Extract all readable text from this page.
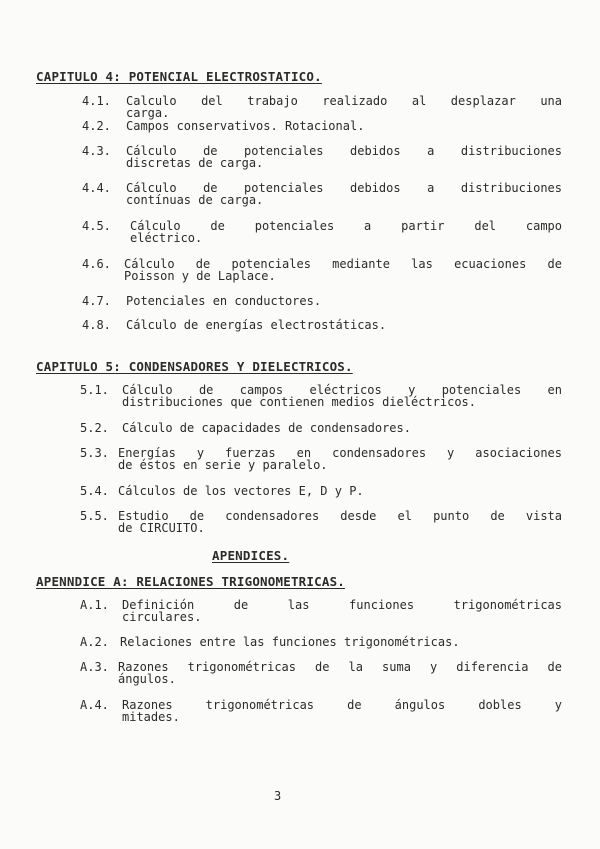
CAPITULO 4: POTENCIAL ELECTROSTATICO.
4.1. Calculo del trabajo realizado al desplazar una
carga.
4.2. Campos conservativos. Rotacional.
4.3. Cálculo de potenciales debidos a distribuciones
discretas de carga.
4.4. Cálculo de potenciales debidos a distribuciones
contínuas de carga.
4.5. Cálculo de potenciales a partir del campo
eléctrico.
4.6. Cálculo de potenciales mediante las ecuaciones de
Poisson y de Laplace.
4.7. Potenciales en conductores.
4.8. Cálculo de energías electrostáticas.
CAPITULO 5: CONDENSADORES Y DIELECTRICOS.
5.1. Cálculo de campos eléctricos y potenciales en
distribuciones que contienen medios dieléctricos.
5.2. Cálculo de capacidades de condensadores.
5.3. Energías y fuerzas en condensadores y asociaciones
de éstos en serie y paralelo.
5.4. Cálculos de los vectores E, D y P.
5.5. Estudio de condensadores desde el punto de vista
de CIRCUITO.
APENDICES.
APENNDICE A: RELACIONES TRIGONOMETRICAS.
A.1. Definición de las funciones trigonométricas
circulares.
A.2. Relaciones entre las funciones trigonométricas.
A.3. Razones trigonométricas de la suma y diferencia de
ángulos.
A.4. Razones trigonométricas de ángulos dobles y
mitades.
3
